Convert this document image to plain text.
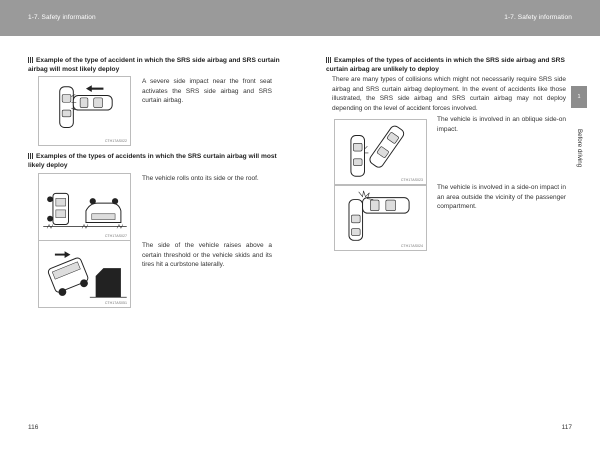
1-7. Safety information	1-7. Safety information
Example of the type of accident in which the SRS side airbag and SRS curtain airbag will most likely deploy
CTH17AS022
A severe side impact near the front seat activates the SRS side airbag and SRS curtain airbag.
Examples of the types of accidents in which the SRS curtain airbag will most likely deploy
CTH17AS027
The vehicle rolls onto its side or the roof.
CTH17AS051
The side of the vehicle raises above a certain threshold or the vehicle skids and its tires hit a curbstone laterally.
116
Examples of the types of accidents in which the SRS side airbag and SRS curtain airbag are unlikely to deploy
There are many types of collisions which might not necessarily require SRS side airbag and SRS curtain airbag deployment. In the event of accidents like those illustrated, the SRS side airbag and SRS curtain airbag may not deploy depending on the level of accident forces involved.
CTH17AS023
The vehicle is involved in an oblique side-on impact.
CTH17AS024
The vehicle is involved in a side-on impact in an area outside the vicinity of the passenger compartment.
1
Before driving
117
